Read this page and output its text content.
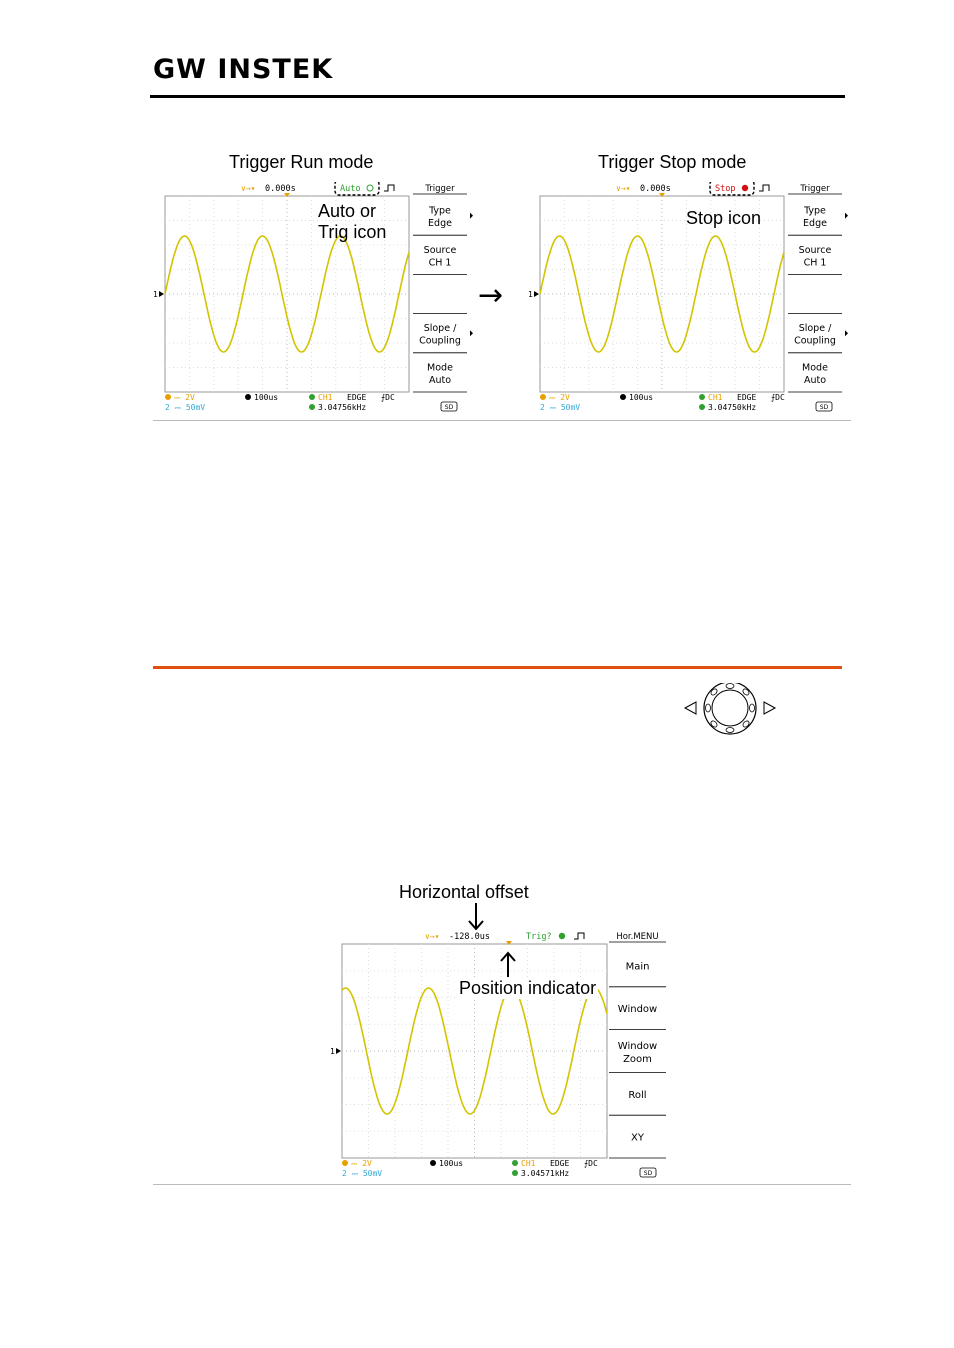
GW INSTEK
Trigger Run mode	Trigger Stop mode
1
∨→▾ 0.000s	Auto	Trigger
Type
Edge
Source
CH 1
Slope /
Coupling
Mode
Auto
⎓ 2V
2 ⎓ 50mV
100us	CH1 EDGE ⨍DC
3.04756kHz	SD
1
∨→▾ 0.000s	Stop	Trigger
Type
Edge
Source
CH 1
Slope /
Coupling
Mode
Auto
⎓ 2V
2 ⎓ 50mV
100us	CH1 EDGE ⨍DC
3.04750kHz	SD
→
Auto or
Trig icon
Stop icon
Horizontal offset
1
∨→▾ -128.0us	Trig?	Hor.MENU
Main
Window
Window
Zoom
Roll
XY
⎓ 2V
2 ⎓ 50mV
100us	CH1 EDGE ⨍DC
3.04571kHz	SD
Position indicator
